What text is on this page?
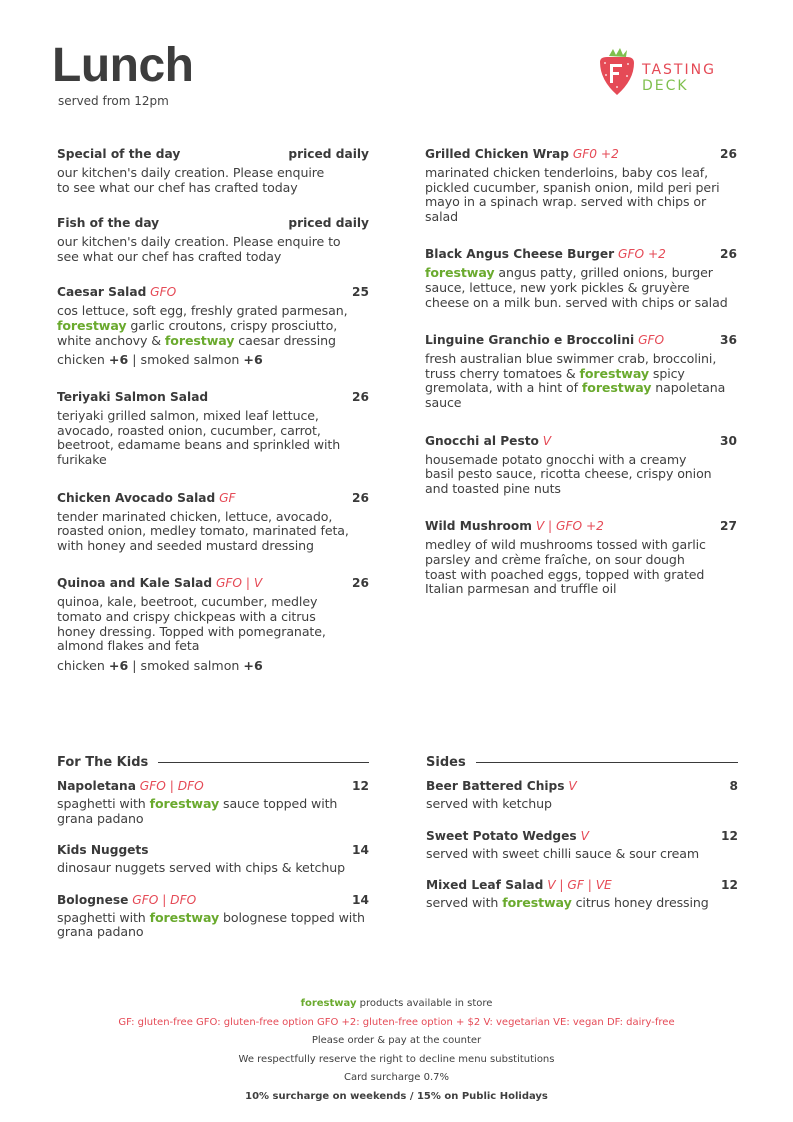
Lunch
served from 12pm
TASTING
DECK
Special of the day	priced daily
our kitchen's daily creation. Please enquire
to see what our chef has crafted today
Fish of the day	priced daily
our kitchen's daily creation. Please enquire to
see what our chef has crafted today
Caesar Salad GFO	25
cos lettuce, soft egg, freshly grated parmesan, forestway garlic croutons, crispy prosciutto, white anchovy & forestway caesar dressing
chicken +6 | smoked salmon +6
Teriyaki Salmon Salad	26
teriyaki grilled salmon, mixed leaf lettuce,
avocado, roasted onion, cucumber, carrot,
beetroot, edamame beans and sprinkled with
furikake
Chicken Avocado Salad GF	26
tender marinated chicken, lettuce, avocado,
roasted onion, medley tomato, marinated feta,
with honey and seeded mustard dressing
Quinoa and Kale Salad GFO | V	26
quinoa, kale, beetroot, cucumber, medley
tomato and crispy chickpeas with a citrus
honey dressing. Topped with pomegranate,
almond flakes and feta
chicken +6 | smoked salmon +6
Grilled Chicken Wrap GF0 +2	26
marinated chicken tenderloins, baby cos leaf,
pickled cucumber, spanish onion, mild peri peri
mayo in a spinach wrap. served with chips or
salad
Black Angus Cheese Burger GFO +2	26
forestway angus patty, grilled onions, burger sauce, lettuce, new york pickles & gruyère cheese on a milk bun. served with chips or salad
Linguine Granchio e Broccolini GFO	36
fresh australian blue swimmer crab, broccolini, truss cherry tomatoes & forestway spicy gremolata, with a hint of forestway napoletana sauce
Gnocchi al Pesto V	30
housemade potato gnocchi with a creamy
basil pesto sauce, ricotta cheese, crispy onion
and toasted pine nuts
Wild Mushroom V | GFO +2	27
medley of wild mushrooms tossed with garlic
parsley and crème fraîche, on sour dough
toast with poached eggs, topped with grated
Italian parmesan and truffle oil
For The Kids
Napoletana GFO | DFO	12
spaghetti with forestway sauce topped with grana padano
Kids Nuggets	14
dinosaur nuggets served with chips & ketchup
Bolognese GFO | DFO	14
spaghetti with forestway bolognese topped with grana padano
Sides
Beer Battered Chips V	8
served with ketchup
Sweet Potato Wedges V	12
served with sweet chilli sauce & sour cream
Mixed Leaf Salad V | GF | VE	12
served with forestway citrus honey dressing
forestway products available in store
GF: gluten-free GFO: gluten-free option GFO +2: gluten-free option + $2 V: vegetarian VE: vegan DF: dairy-free
Please order & pay at the counter
We respectfully reserve the right to decline menu substitutions
Card surcharge 0.7%
10% surcharge on weekends / 15% on Public Holidays
